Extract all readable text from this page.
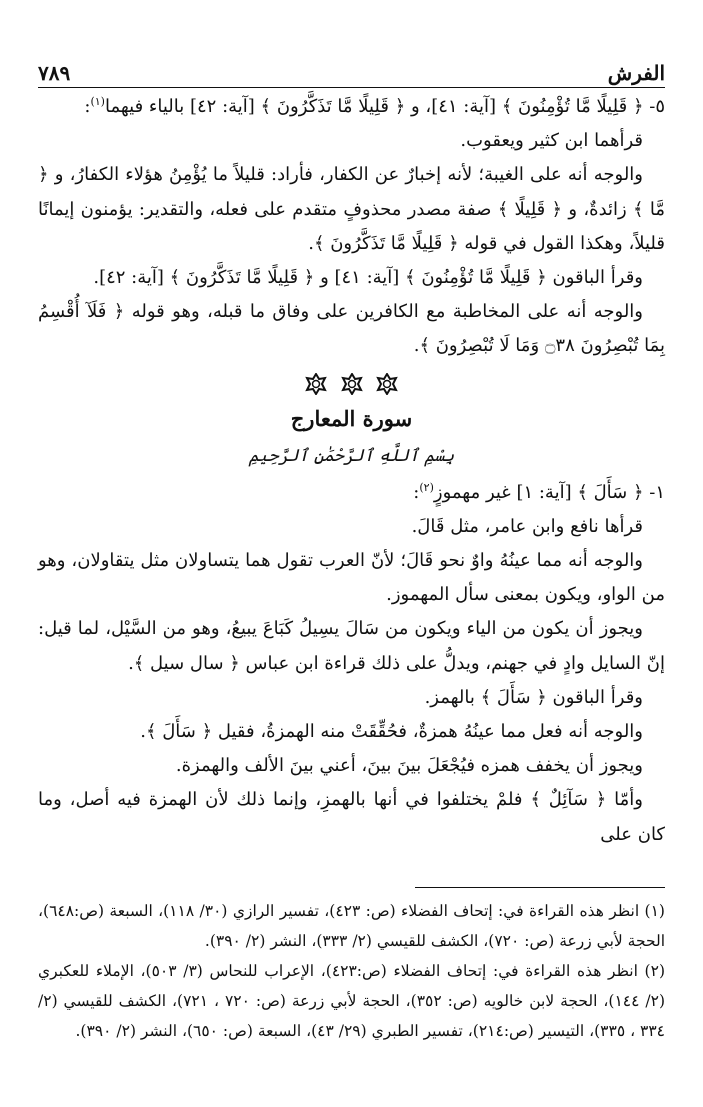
الفرش
٧٨٩

٥- ﴿ قَلِيلًا مَّا تُؤْمِنُونَ ﴾ [آية: ٤١]، و ﴿ قَلِيلًا مَّا تَذَكَّرُونَ ﴾ [آية: ٤٢] بالياء فيهما$^{(١)}$:

قرأهما ابن كثير ويعقوب.

والوجه أنه على الغيبة؛ لأنه إخبارٌ عن الكفار، فأراد: قليلاً ما يُؤْمِنُ هؤلاء الكفارُ، و ﴿ مَّا ﴾ زائدةٌ، و ﴿ قَلِيلًا ﴾ صفة مصدر محذوفٍ متقدم على فعله، والتقدير: يؤمنون إيمانًا قليلاً، وهكذا القول في قوله ﴿ قَلِيلًا مَّا تَذَكَّرُونَ ﴾.

وقرأ الباقون ﴿ قَلِيلًا مَّا تُؤْمِنُونَ ﴾ [آية: ٤١] و ﴿ قَلِيلًا مَّا تَذَكَّرُونَ ﴾ [آية: ٤٢].

والوجه أنه على المخاطبة مع الكافرين على وفاق ما قبله، وهو قوله ﴿ فَلَآ أُقْسِمُ بِمَا تُبْصِرُونَ ۝٣٨ وَمَا لَا تُبْصِرُونَ ﴾.

سورة المعارج
بِسْمِ ٱللَّهِ ٱلرَّحْمَٰنِ ٱلرَّحِيمِ

١- ﴿ سَأَلَ ﴾ [آية: ١] غير مهموزٍ$^{(٢)}$:

قرأها نافع وابن عامر، مثل قَالَ.

والوجه أنه مما عينُهُ واوٌ نحو قَالَ؛ لأنّ العرب تقول هما يتساولان مثل يتقاولان، وهو من الواو، ويكون بمعنى سأل المهموز.

ويجوز أن يكون من الياء ويكون من سَالَ يسِيلُ كَبَاعَ يبيعُ، وهو من السَّيْل، لما قيل: إنّ السايل وادٍ في جهنم، ويدلُّ على ذلك قراءة ابن عباس ﴿ سال سيل ﴾.

وقرأ الباقون ﴿ سَأَلَ ﴾ بالهمز.

والوجه أنه فعل مما عينُهُ همزةٌ، فحُقِّقَتْ منه الهمزةُ، فقيل ﴿ سَأَلَ ﴾.

ويجوز أن يخفف همزه فيُجْعَلَ بينَ بينَ، أعني بينَ الألف والهمزة.

وأمّا ﴿ سَآئِلٌ ﴾ فلمْ يختلفوا في أنها بالهمزِ، وإنما ذلك لأن الهمزة فيه أصل، وما كان على

(١) انظر هذه القراءة في: إتحاف الفضلاء (ص: ٤٢٣)، تفسير الرازي (٣٠/ ١١٨)، السبعة (ص:٦٤٨)، الحجة لأبي زرعة (ص: ٧٢٠)، الكشف للقيسي (٢/ ٣٣٣)، النشر (٢/ ٣٩٠).

(٢) انظر هذه القراءة في: إتحاف الفضلاء (ص:٤٢٣)، الإعراب للنحاس (٣/ ٥٠٣)، الإملاء للعكبري (٢/ ١٤٤)، الحجة لابن خالويه (ص: ٣٥٢)، الحجة لأبي زرعة (ص: ٧٢٠ ، ٧٢١)، الكشف للقيسي (٢/ ٣٣٤ ، ٣٣٥)، التيسير (ص:٢١٤)، تفسير الطبري (٢٩/ ٤٣)، السبعة (ص: ٦٥٠)، النشر (٢/ ٣٩٠).
